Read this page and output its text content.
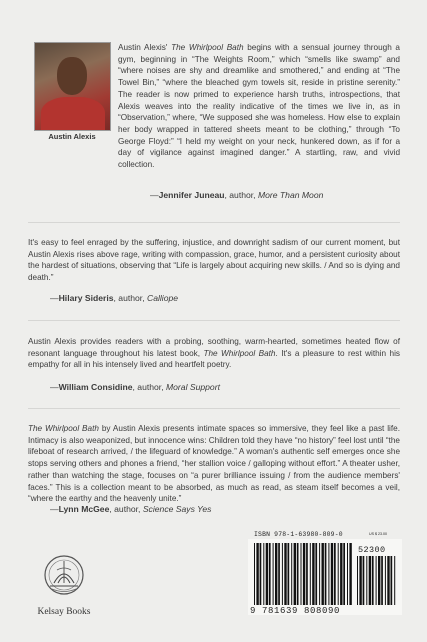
Austin Alexis

Austin Alexis' The Whirlpool Bath begins with a sensual journey through a gym, beginning in “The Weights Room,” which “smells like swamp” and “where noises are shy and dreamlike and smothered,” and ending at “The Towel Bin,” “where the bleached gym towels sit, reside in pristine serenity.” The reader is now primed to experience harsh truths, introspections, that Alexis weaves into the reality indicative of the times we live in, as in “Observation,” where, “We supposed she was homeless. How else to explain her body wrapped in tattered sheets meant to be clothing,” through “To George Floyd:” “I held my weight on your neck, hunkered down, as if for a day of vigilance against imagined danger.” A startling, raw, and vivid collection.

—Jennifer Juneau, author, More Than Moon

It's easy to feel enraged by the suffering, injustice, and downright sadism of our current moment, but Austin Alexis rises above rage, writing with compassion, grace, humor, and a persistent curiosity about the hardest of situations, observing that “Life is largely about acquiring new skills. / And so is dying and death.”

—Hilary Sideris, author, Calliope

Austin Alexis provides readers with a probing, soothing, warm-hearted, sometimes heated flow of resonant language throughout his latest book, The Whirlpool Bath. It's a pleasure to rest within his empathy for all in his intensely lived and heartfelt poetry.

—William Considine, author, Moral Support

The Whirlpool Bath by Austin Alexis presents intimate spaces so immersive, they feel like a past life. Intimacy is also weaponized, but innocence wins: Children told they have “no history” feel lost until “the lifeboat of research arrived, / the lifeguard of knowledge.” A woman's authentic self emerges once she stops serving others and phones a friend, “her stallion voice / galloping without effort.” A theater usher, rather than watching the stage, focuses on “a purer brilliance issuing / from the audience members' faces.” This is a collection meant to be absorbed, as much as read, as steam itself becomes a veil, “where the earthy and the heavenly unite.”

—Lynn McGee, author, Science Says Yes
Kelsay Books
ISBN 978-1-63980-809-0	US $ 23.00
52300
9 781639 808090
